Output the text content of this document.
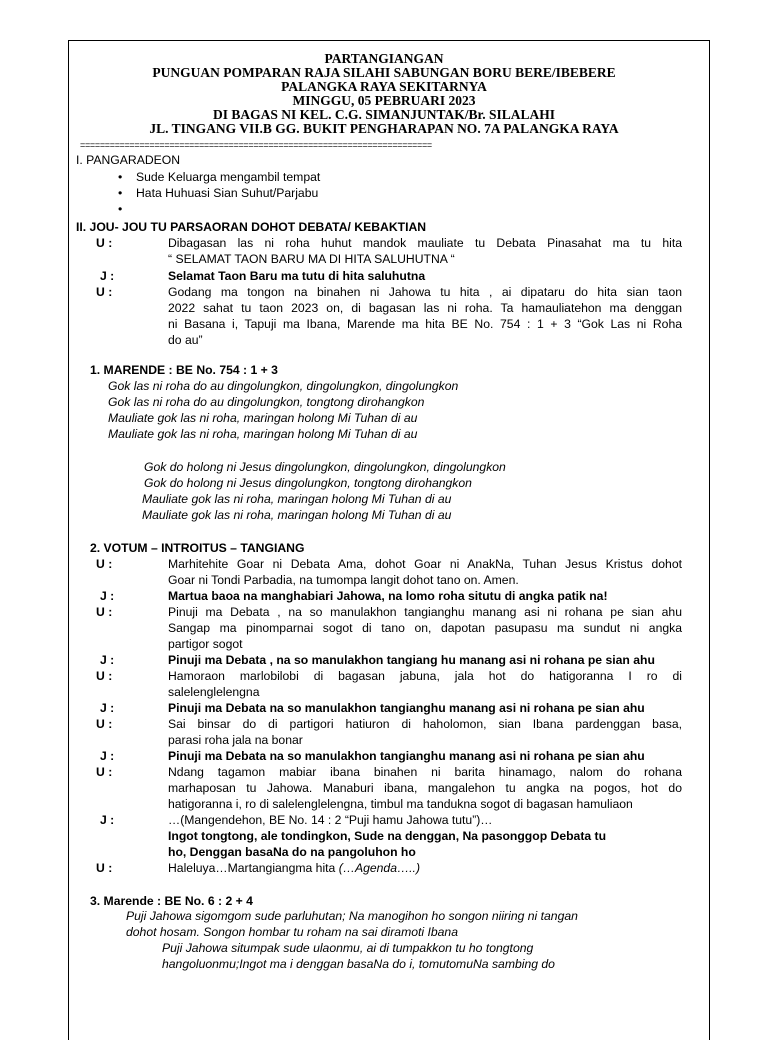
PARTANGIANGAN
PUNGUAN POMPARAN RAJA SILAHI SABUNGAN BORU BERE/IBEBERE
PALANGKA RAYA SEKITARNYA
MINGGU, 05 PEBRUARI 2023
DI BAGAS NI KEL. C.G. SIMANJUNTAK/Br. SILALAHI
JL. TINGANG VII.B GG. BUKIT PENGHARAPAN NO. 7A PALANGKA RAYA
=======================================================================
I. PANGARADEON
• Sude Keluarga mengambil tempat
• Hata Huhuasi Sian Suhut/Parjabu
II. JOU- JOU TU PARSAORAN DOHOT DEBATA/ KEBAKTIAN
U :	Dibagasan las ni roha huhut mandok mauliate tu Debata Pinasahat ma tu hita
“ SELAMAT TAON BARU MA DI HITA SALUHUTNA “
J :	Selamat Taon Baru ma tutu di hita saluhutna
U :	Godang ma tongon na binahen ni Jahowa tu hita , ai dipataru do hita sian taon
2022 sahat tu taon 2023 on, di bagasan las ni roha. Ta hamauliatehon ma denggan
ni Basana i, Tapuji ma Ibana, Marende ma hita BE No. 754 : 1 + 3 “Gok Las ni Roha
do au”
1. MARENDE : BE No. 754 : 1 + 3
Gok las ni roha do au dingolungkon, dingolungkon, dingolungkon
Gok las ni roha do au dingolungkon, tongtong dirohangkon
Mauliate gok las ni roha, maringan holong Mi Tuhan di au
Mauliate gok las ni roha, maringan holong Mi Tuhan di au
Gok do holong ni Jesus dingolungkon, dingolungkon, dingolungkon
Gok do holong ni Jesus dingolungkon, tongtong dirohangkon
Mauliate gok las ni roha, maringan holong Mi Tuhan di au
Mauliate gok las ni roha, maringan holong Mi Tuhan di au
2. VOTUM – INTROITUS – TANGIANG
U :	Marhitehite Goar ni Debata Ama, dohot Goar ni AnakNa, Tuhan Jesus Kristus dohot
Goar ni Tondi Parbadia, na tumompa langit dohot tano on. Amen.
J :	Martua baoa na manghabiari Jahowa, na lomo roha situtu di angka patik na!
U :	Pinuji ma Debata , na so manulakhon tangianghu manang asi ni rohana pe sian ahu
Sangap ma pinomparnai sogot di tano on, dapotan pasupasu ma sundut ni angka
partigor sogot
J :	Pinuji ma Debata , na so manulakhon tangiang hu manang asi ni rohana pe sian ahu
U :	Hamoraon marlobilobi di bagasan jabuna, jala hot do hatigoranna I ro di
salelenglelengna
J :	Pinuji ma Debata na so manulakhon tangianghu manang asi ni rohana pe sian ahu
U :	Sai binsar do di partigori hatiuron di haholomon, sian Ibana pardenggan basa,
parasi roha jala na bonar
J :	Pinuji ma Debata na so manulakhon tangianghu manang asi ni rohana pe sian ahu
U :	Ndang tagamon mabiar ibana binahen ni barita hinamago, nalom do rohana
marhaposan tu Jahowa. Manaburi ibana, mangalehon tu angka na pogos, hot do
hatigoranna i, ro di salelenglelengna, timbul ma tandukna sogot di bagasan hamuliaon
J :	…(Mangendehon, BE No. 14 : 2 “Puji hamu Jahowa tutu”)…
Ingot tongtong, ale tondingkon, Sude na denggan, Na pasonggop Debata tu
ho, Denggan basaNa do na pangoluhon ho
U :	Haleluya…Martangiangma hita (…Agenda…..)
3. Marende : BE No. 6 : 2 + 4
Puji Jahowa sigomgom sude parluhutan; Na manogihon ho songon niiring ni tangan
dohot hosam. Songon hombar tu roham na sai diramoti Ibana
Puji Jahowa situmpak sude ulaonmu, ai di tumpakkon tu ho tongtong
hangoluonmu;Ingot ma i denggan basaNa do i, tomutomuNa sambing do
